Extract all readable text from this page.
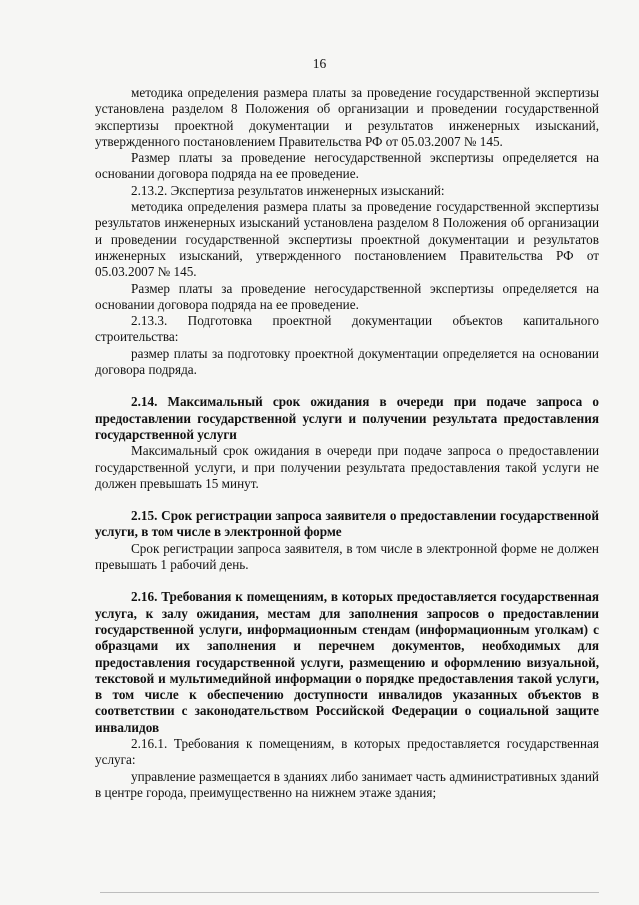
16

методика определения размера платы за проведение государственной экспертизы установлена разделом 8 Положения об организации и проведении государственной экспертизы проектной документации и результатов инженерных изысканий, утвержденного постановлением Правительства РФ от 05.03.2007 № 145.

Размер платы за проведение негосударственной экспертизы определяется на основании договора подряда на ее проведение.

2.13.2. Экспертиза результатов инженерных изысканий:

методика определения размера платы за проведение государственной экспертизы результатов инженерных изысканий установлена разделом 8 Положения об организации и проведении государственной экспертизы проектной документации и результатов инженерных изысканий, утвержденного постановлением Правительства РФ от 05.03.2007 № 145.

Размер платы за проведение негосударственной экспертизы определяется на основании договора подряда на ее проведение.

2.13.3. Подготовка проектной документации объектов капитального строительства:

размер платы за подготовку проектной документации определяется на основании договора подряда.

2.14. Максимальный срок ожидания в очереди при подаче запроса о предоставлении государственной услуги и получении результата предоставления государственной услуги

Максимальный срок ожидания в очереди при подаче запроса о предоставлении государственной услуги, и при получении результата предоставления такой услуги не должен превышать 15 минут.

2.15. Срок регистрации запроса заявителя о предоставлении государственной услуги, в том числе в электронной форме

Срок регистрации запроса заявителя, в том числе в электронной форме не должен превышать 1 рабочий день.

2.16. Требования к помещениям, в которых предоставляется государственная услуга, к залу ожидания, местам для заполнения запросов о предоставлении государственной услуги, информационным стендам (информационным уголкам) с образцами их заполнения и перечнем документов, необходимых для предоставления государственной услуги, размещению и оформлению визуальной, текстовой и мультимедийной информации о порядке предоставления такой услуги, в том числе к обеспечению доступности инвалидов указанных объектов в соответствии с законодательством Российской Федерации о социальной защите инвалидов

2.16.1. Требования к помещениям, в которых предоставляется государственная услуга:

управление размещается в зданиях либо занимает часть административных зданий в центре города, преимущественно на нижнем этаже здания;
